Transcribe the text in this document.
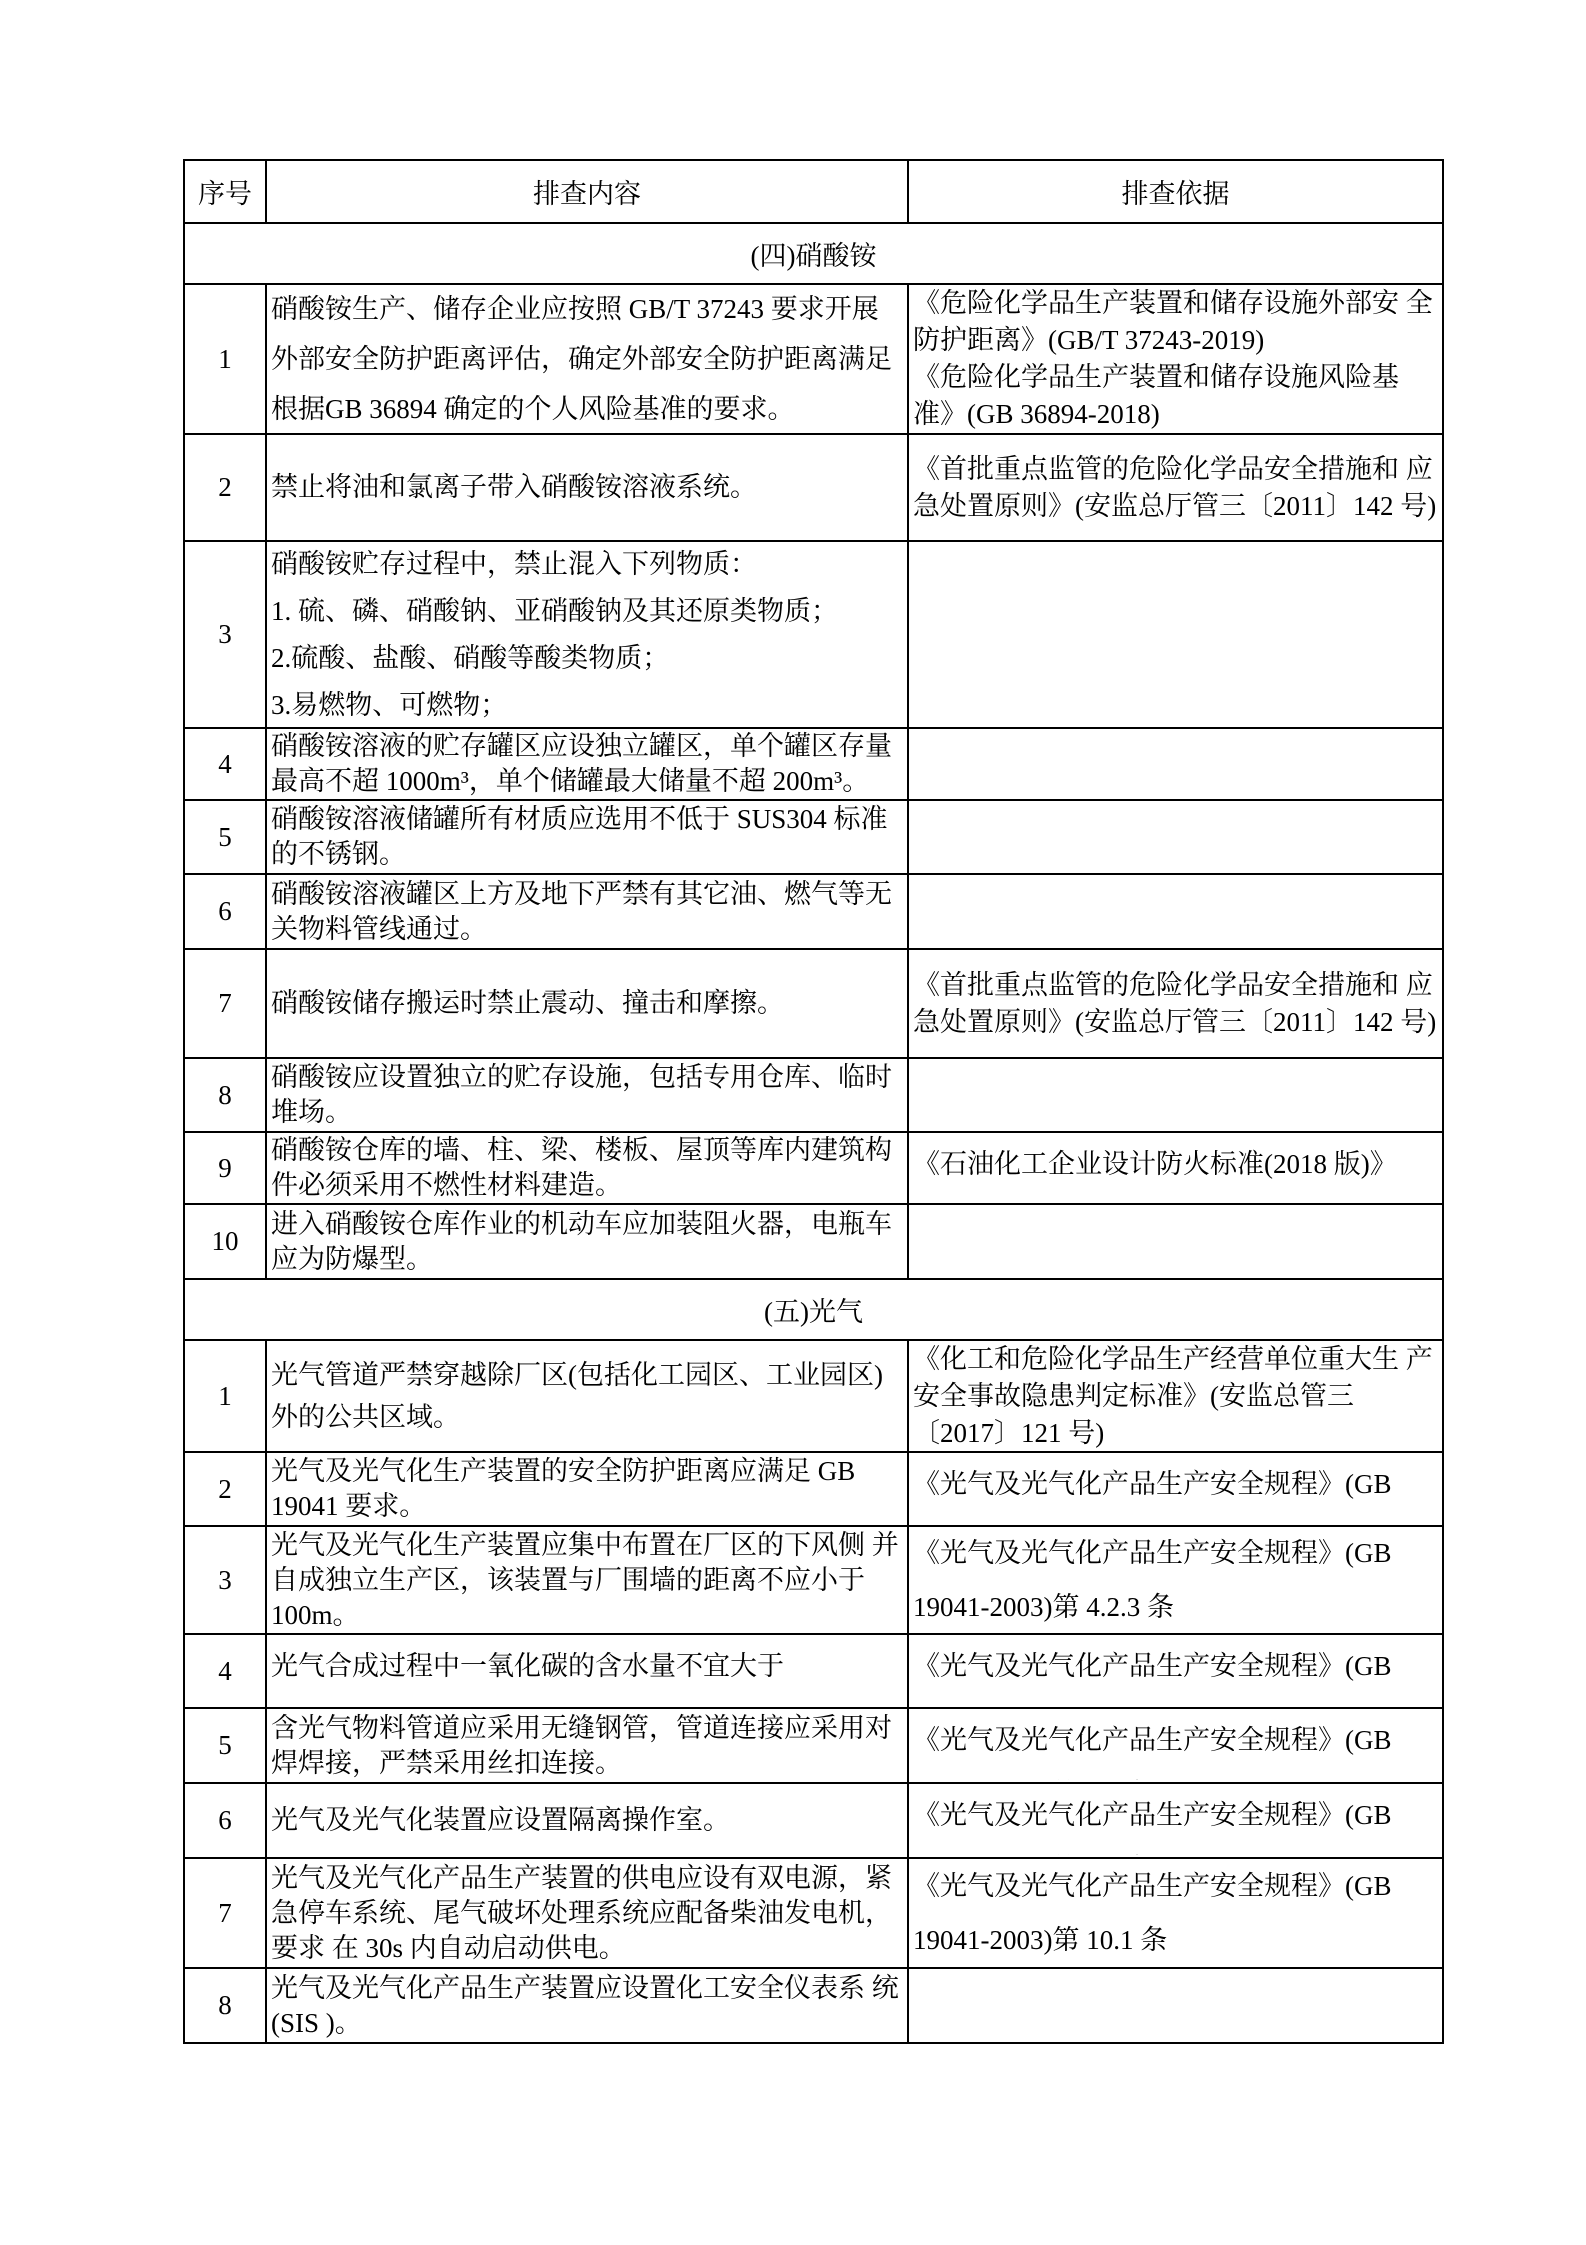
序号	排查内容	排查依据
(四)硝酸铵		
1	硝酸铵生产、储存企业应按照 GB/T 37243 要求开展 外部安全防护距离评估，确定外部安全防护距离满足 根据GB 36894 确定的个人风险基准的要求。	《危险化学品生产装置和储存设施外部安 全防护距离》(GB/T 37243-2019)

《危险化学品生产装置和储存设施风险基 准》(GB 36894-2018)

2	禁止将油和氯离子带入硝酸铵溶液系统。	《首批重点监管的危险化学品安全措施和 应急处置原则》(安监总厅管三〔2011〕142 号)

3	硝酸铵贮存过程中，禁止混入下列物质：

1. 硫、磷、硝酸钠、亚硝酸钠及其还原类物质；

2.硫酸、盐酸、硝酸等酸类物质；

3.易燃物、可燃物；	

4	硝酸铵溶液的贮存罐区应设独立罐区，单个罐区存量 最高不超 1000m³，单个储罐最大储量不超 200m³。	

5	硝酸铵溶液储罐所有材质应选用不低于 SUS304 标准 的不锈钢。	

6	硝酸铵溶液罐区上方及地下严禁有其它油、燃气等无 关物料管线通过。	

7	硝酸铵储存搬运时禁止震动、撞击和摩擦。	《首批重点监管的危险化学品安全措施和 应急处置原则》(安监总厅管三〔2011〕142 号)

8	硝酸铵应设置独立的贮存设施，包括专用仓库、临时 堆场。	

9	硝酸铵仓库的墙、柱、梁、楼板、屋顶等库内建筑构 件必须采用不燃性材料建造。	《石油化工企业设计防火标准(2018 版)》

10	进入硝酸铵仓库作业的机动车应加装阻火器，电瓶车 应为防爆型。	

(五)光气		
1	光气管道严禁穿越除厂区(包括化工园区、工业园区) 外的公共区域。	《化工和危险化学品生产经营单位重大生 产安全事故隐患判定标准》(安监总管三〔2017〕121 号)

2	光气及光气化生产装置的安全防护距离应满足 GB 19041 要求。	《光气及光气化产品生产安全规程》(GB

3	光气及光气化生产装置应集中布置在厂区的下风侧 并自成独立生产区，该装置与厂围墙的距离不应小于 100m。	《光气及光气化产品生产安全规程》(GB

19041-2003)第 4.2.3 条

4	光气合成过程中一氧化碳的含水量不宜大于	《光气及光气化产品生产安全规程》(GB

5	含光气物料管道应采用无缝钢管，管道连接应采用对 焊焊接，严禁采用丝扣连接。	《光气及光气化产品生产安全规程》(GB

6	光气及光气化装置应设置隔离操作室。	《光气及光气化产品生产安全规程》(GB

7	光气及光气化产品生产装置的供电应设有双电源，紧 急停车系统、尾气破坏处理系统应配备柴油发电机， 要求 在 30s 内自动启动供电。	《光气及光气化产品生产安全规程》(GB

19041-2003)第 10.1 条

8	光气及光气化产品生产装置应设置化工安全仪表系 统(SIS )。	
